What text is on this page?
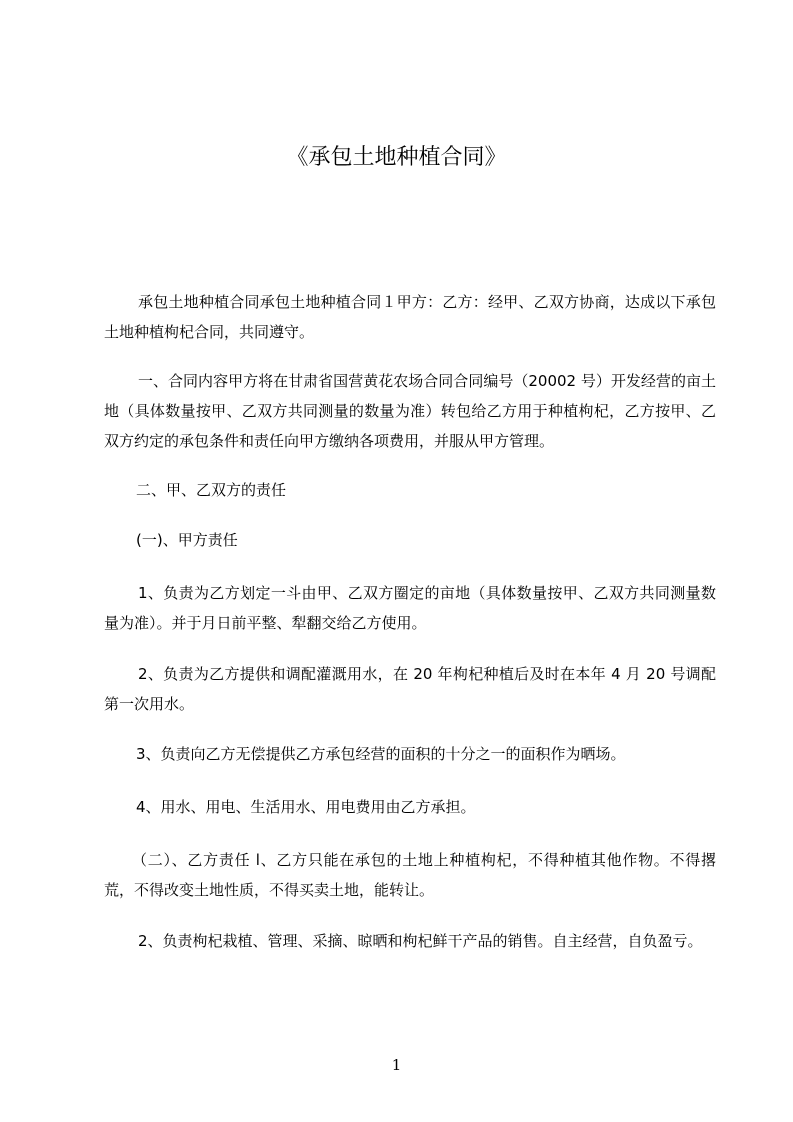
《承包土地种植合同》

承包土地种植合同承包土地种植合同１甲方：乙方：经甲、乙双方协商，达成以下承包土地种植枸杞合同，共同遵守。

一、合同内容甲方将在甘肃省国营黄花农场合同合同编号（20002 号）开发经营的亩土地（具体数量按甲、乙双方共同测量的数量为准）转包给乙方用于种植枸杞，乙方按甲、乙双方约定的承包条件和责任向甲方缴纳各项费用，并服从甲方管理。

二、甲、乙双方的责任

(一)、甲方责任

1、负责为乙方划定一斗由甲、乙双方圈定的亩地（具体数量按甲、乙双方共同测量数量为准）。并于月日前平整、犁翻交给乙方使用。

2、负责为乙方提供和调配灌溉用水，在 20 年枸杞种植后及时在本年 4 月 20 号调配第一次用水。

3、负责向乙方无偿提供乙方承包经营的面积的十分之一的面积作为晒场。

4、用水、用电、生活用水、用电费用由乙方承担。

（二）、乙方责任 l、乙方只能在承包的土地上种植枸杞，不得种植其他作物。不得撂荒，不得改变土地性质，不得买卖土地，能转让。

2、负责枸杞栽植、管理、采摘、晾晒和枸杞鲜干产品的销售。自主经营，自负盈亏。

1
